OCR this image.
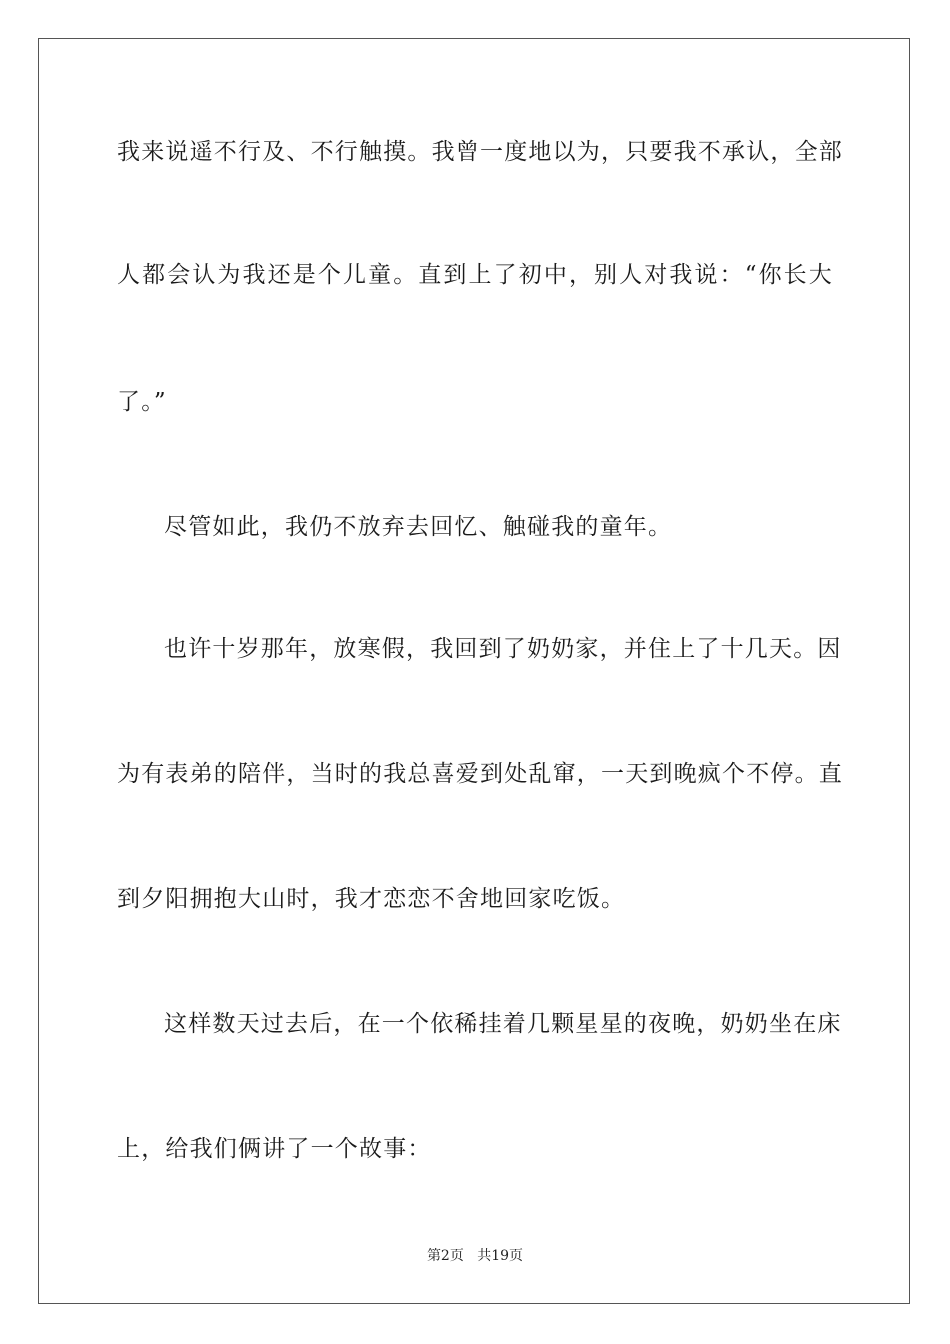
我来说遥不行及、不行触摸。我曾一度地以为，只要我不承认，全部
人都会认为我还是个儿童。直到上了初中，别人对我说：“你长大
了。”
尽管如此，我仍不放弃去回忆、触碰我的童年。
也许十岁那年，放寒假，我回到了奶奶家，并住上了十几天。因
为有表弟的陪伴，当时的我总喜爱到处乱窜，一天到晚疯个不停。直
到夕阳拥抱大山时，我才恋恋不舍地回家吃饭。
这样数天过去后，在一个依稀挂着几颗星星的夜晚，奶奶坐在床
上，给我们俩讲了一个故事：
第2页 共19页
